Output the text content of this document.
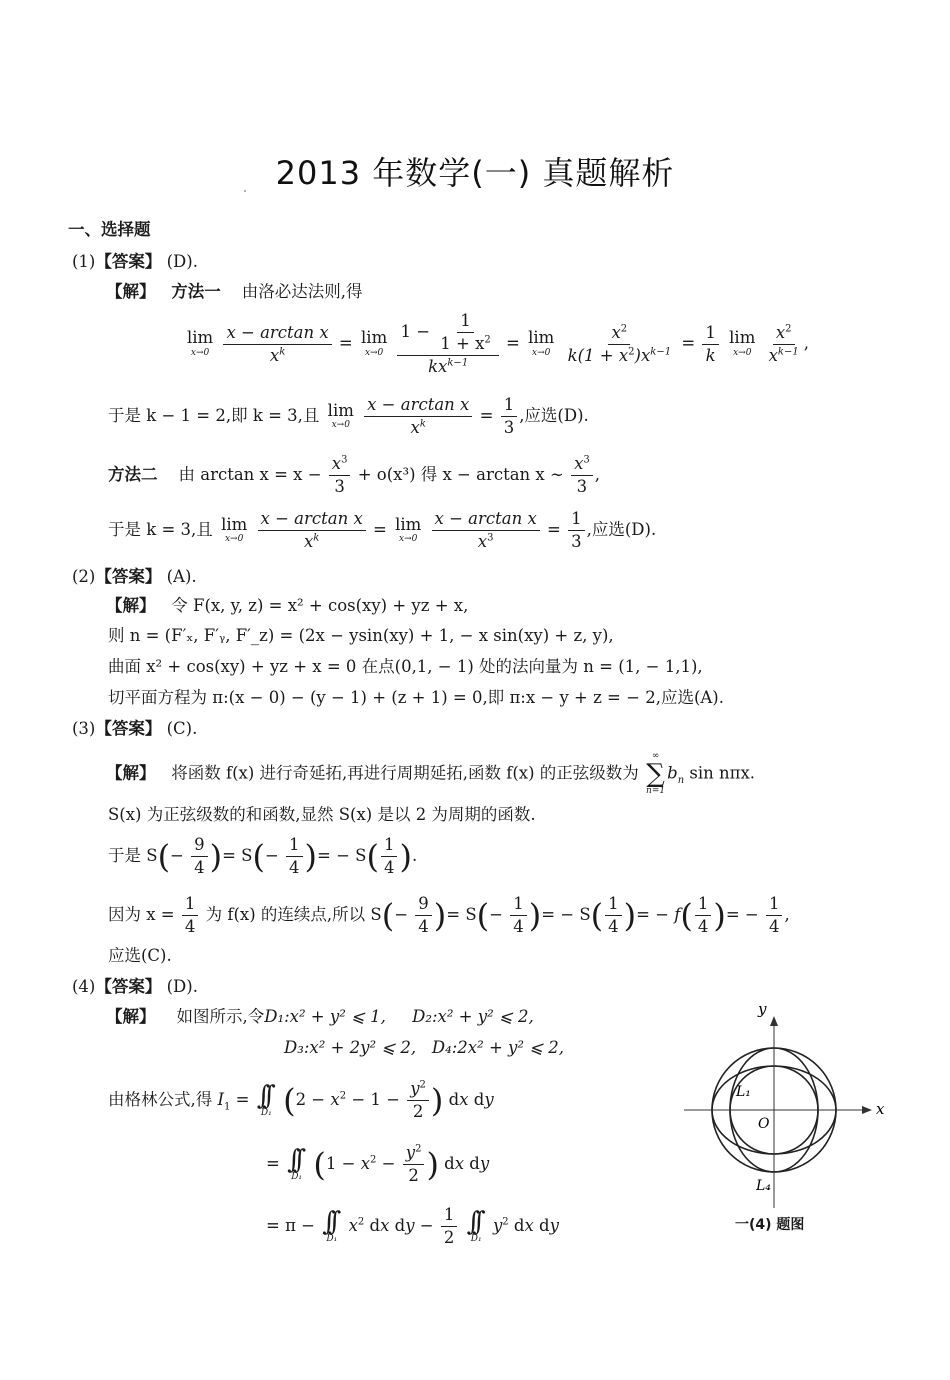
2013 年数学(一) 真题解析
一、选择题
(1)【答案】 (D).
【解】 方法一 由洛必达法则,得
lim
x→0
$\frac{\text{x − arctan x}}{x^k} = \lim$
x→0
$\frac{1 - \frac{1}{1 + x^2}}{kx^{k-1}} = \lim$
x→0
$\frac{x^2}{k(1 + x^2)x^{k-1}} = \frac{1}{k}$
lim
x→0
$\frac{x^2}{x^{k-1}}$ ,
于是 k − 1 = 2,即 k = 3,且 lim
x→0
$\frac{\text{x − arctan x}}{x^k} = \frac{1}{3}$ ,应选(D).
方法二 由 $\arctan x = x - \frac{x^3}{3} + o(x^3)$ 得 x − arctan x ∼ $\frac{x^3}{3}$ ,
于是 k = 3,且 lim
x→0
$\frac{\text{x − arctan x}}{x^k} = \lim$
x→0
$\frac{\text{x − arctan x}}{x^3} = \frac{1}{3}$ ,应选(D).
(2)【答案】 (A).
【解】 令 F(x, y, z) = x² + cos(xy) + yz + x,
则 n = (F′ₓ, F′ᵧ, F′_z) = (2x − ysin(xy) + 1, − x sin(xy) + z, y),
曲面 x² + cos(xy) + yz + x = 0 在点(0,1, − 1) 处的法向量为 n = (1, − 1,1),
切平面方程为 π:(x − 0) − (y − 1) + (z + 1) = 0,即 π:x − y + z = − 2,应选(A).
(3)【答案】 (C).
【解】 将函数 f(x) 进行奇延拓,再进行周期延拓,函数 f(x) 的正弦级数为
∞
∑
n=1
$b_n$ sin nπx.
S(x) 为正弦级数的和函数,显然 S(x) 是以 2 为周期的函数.
于是 $S(- \frac{9}{4}$ )= $S(- \frac{1}{4}$ )= − $S( \frac{1}{4}$ ).
因为 $x = \frac{1}{4}$ 为 f(x) 的连续点,所以 $S(- \frac{9}{4}$ )= $S(- \frac{1}{4}$ )= − $S( \frac{1}{4}$ )= − $f( \frac{1}{4}$ )= − $\frac{1}{4}$ ,
应选(C).
(4)【答案】 (D).
【解】 如图所示,令D₁:x² + y² ⩽ 1, D₂:x² + y² ⩽ 2,
D₃:x² + 2y² ⩽ 2, D₄:2x² + y² ⩽ 2,
由格林公式,得 $I_1$ = ∫∫
D₁ ($2 - x^2 - 1 - \frac{y^2}{2}$ ) dx dy
= ∫∫
D₁ ($1 - x^2 - \frac{y^2}{2}$ ) dx dy
= π − ∫∫
D₁
$x^2$ dx dy − $\frac{1}{2}$
∫∫
D₁
$y^2$ dx dy
x
y
O
L₁
L₄
一(4) 题图
